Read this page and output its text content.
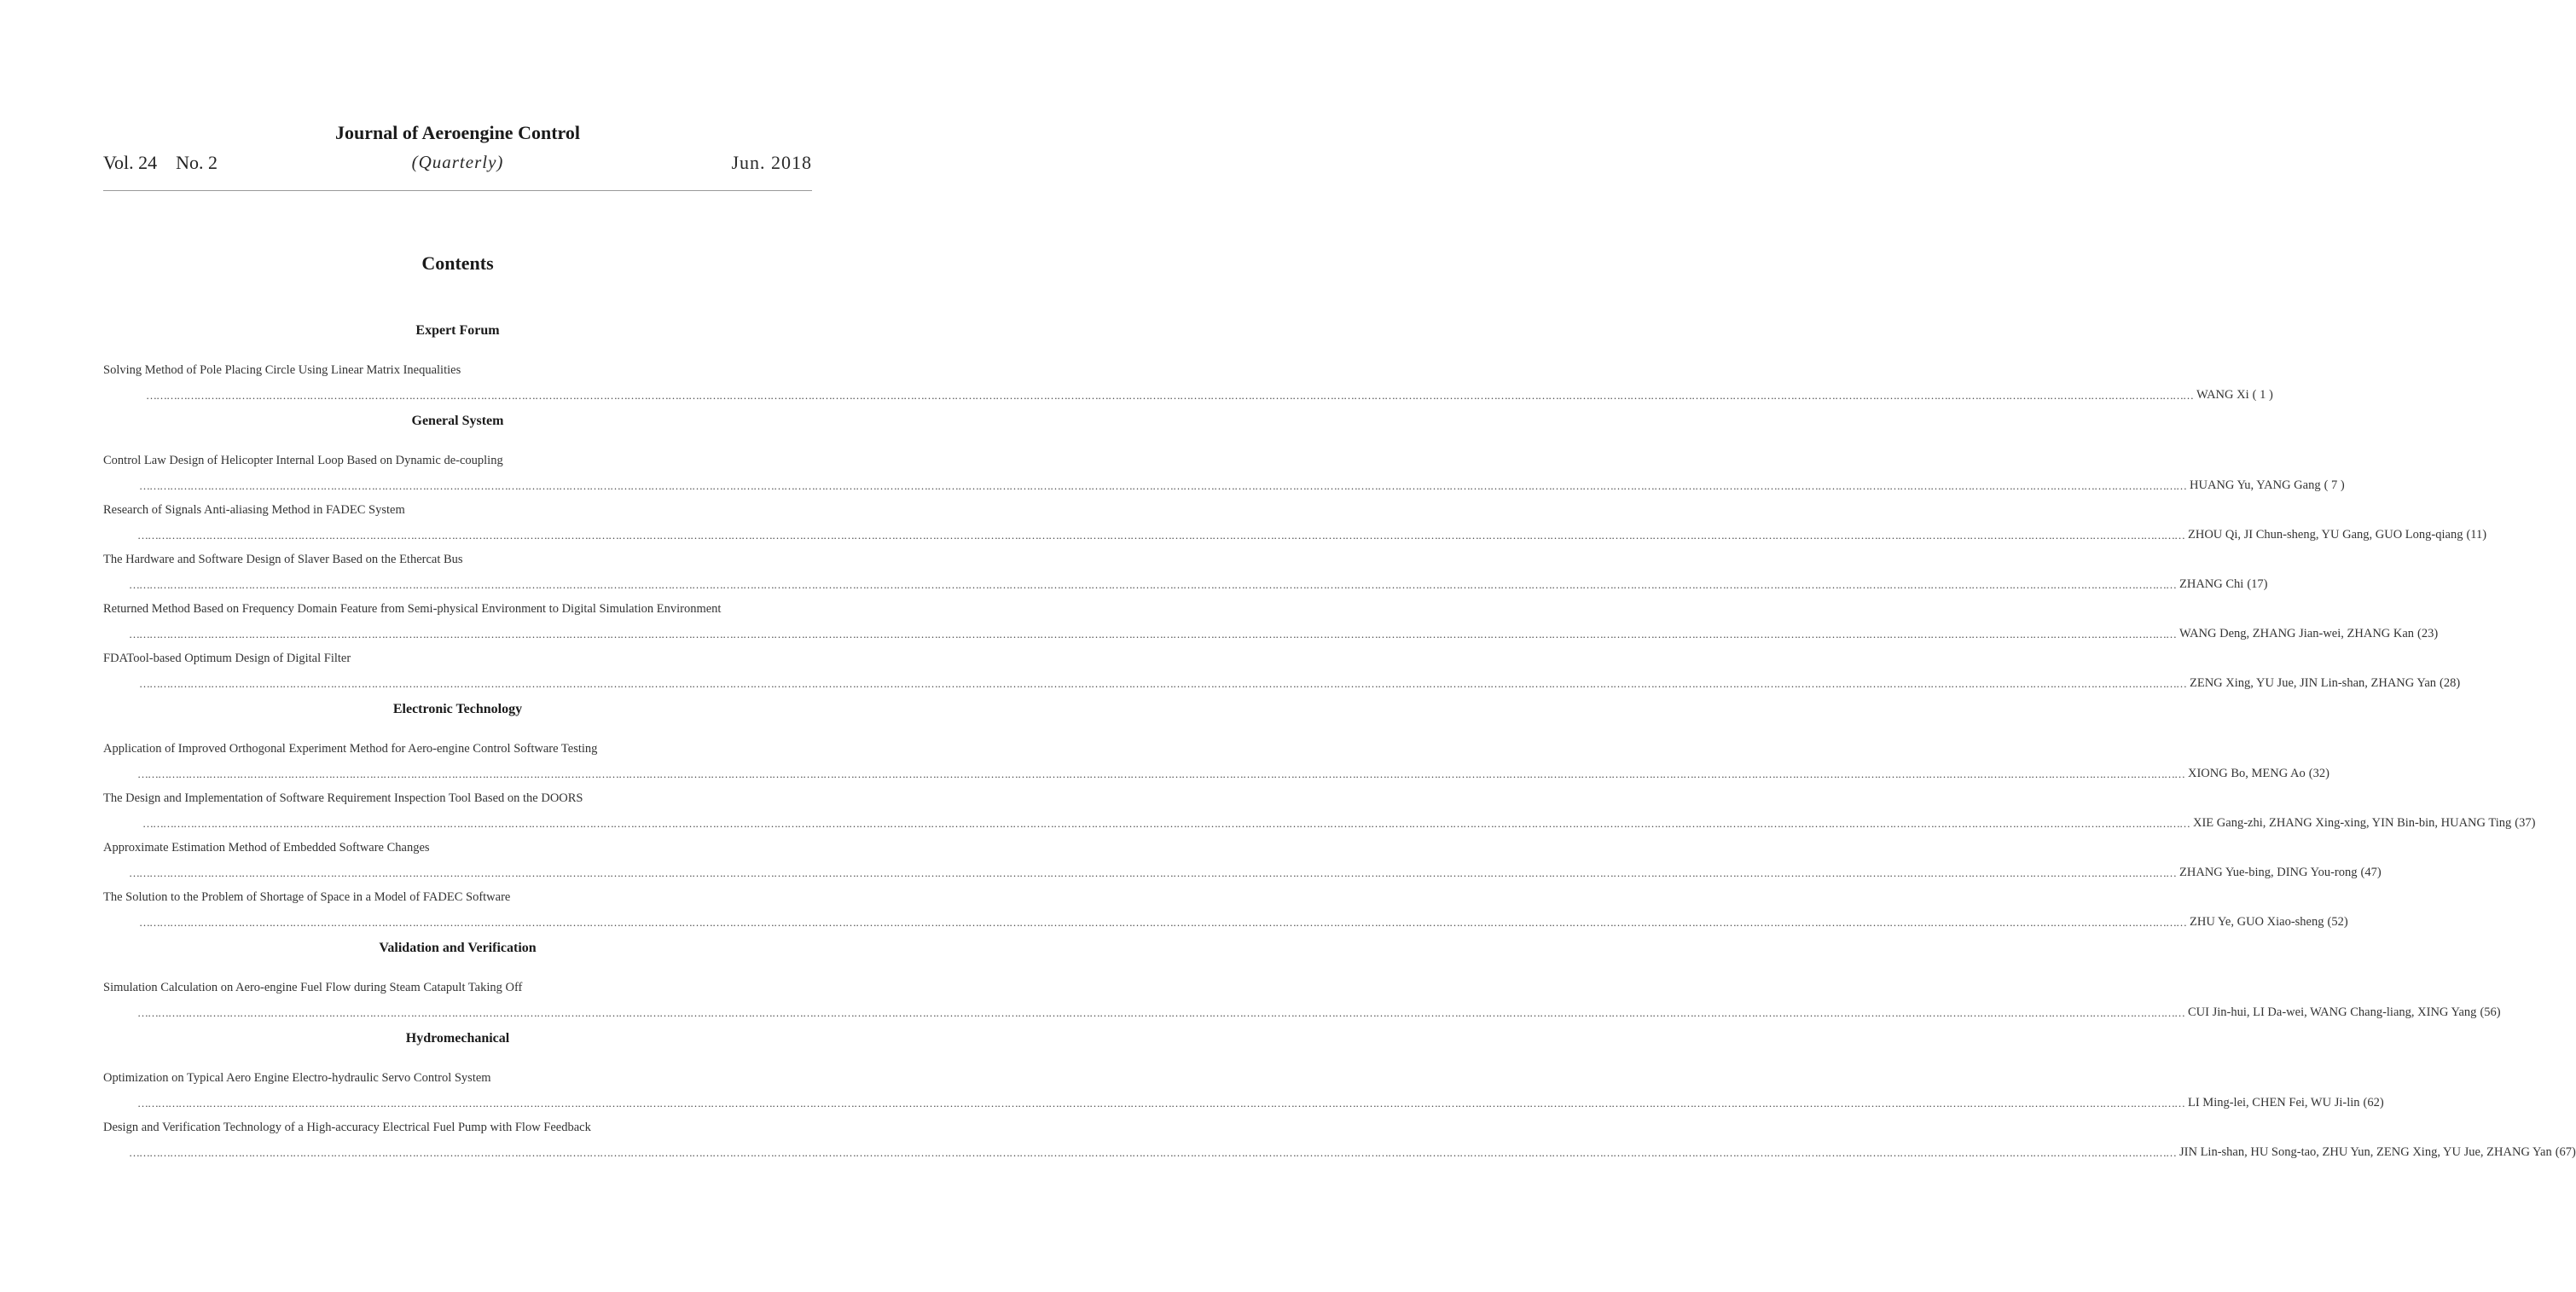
Journal of Aeroengine Control
Vol. 24    No. 2	(Quarterly)	Jun. 2018
Contents
Expert Forum
Solving Method of Pole Placing Circle Using Linear Matrix Inequalities
…………………………………………………………………………………………………………………………………………………………………………………………………………………………………………………………………………………………………………………………………………………………………………………………………………………………………………………………………………………………………………………………………………………… WANG Xi ( 1 )
General System
Control Law Design of Helicopter Internal Loop Based on Dynamic de-coupling
…………………………………………………………………………………………………………………………………………………………………………………………………………………………………………………………………………………………………………………………………………………………………………………………………………………………………………………………………………………………………………………………………………………… HUANG Yu, YANG Gang ( 7 )
Research of Signals Anti-aliasing Method in FADEC System
…………………………………………………………………………………………………………………………………………………………………………………………………………………………………………………………………………………………………………………………………………………………………………………………………………………………………………………………………………………………………………………………………………………… ZHOU Qi, JI Chun-sheng, YU Gang, GUO Long-qiang (11)
The Hardware and Software Design of Slaver Based on the Ethercat Bus
…………………………………………………………………………………………………………………………………………………………………………………………………………………………………………………………………………………………………………………………………………………………………………………………………………………………………………………………………………………………………………………………………………………… ZHANG Chi (17)
Returned Method Based on Frequency Domain Feature from Semi-physical Environment to Digital Simulation Environment
…………………………………………………………………………………………………………………………………………………………………………………………………………………………………………………………………………………………………………………………………………………………………………………………………………………………………………………………………………………………………………………………………………………… WANG Deng, ZHANG Jian-wei, ZHANG Kan (23)
FDATool-based Optimum Design of Digital Filter
…………………………………………………………………………………………………………………………………………………………………………………………………………………………………………………………………………………………………………………………………………………………………………………………………………………………………………………………………………………………………………………………………………………… ZENG Xing, YU Jue, JIN Lin-shan, ZHANG Yan (28)
Electronic Technology
Application of Improved Orthogonal Experiment Method for Aero-engine Control Software Testing
…………………………………………………………………………………………………………………………………………………………………………………………………………………………………………………………………………………………………………………………………………………………………………………………………………………………………………………………………………………………………………………………………………………… XIONG Bo, MENG Ao (32)
The Design and Implementation of Software Requirement Inspection Tool Based on the DOORS
…………………………………………………………………………………………………………………………………………………………………………………………………………………………………………………………………………………………………………………………………………………………………………………………………………………………………………………………………………………………………………………………………………………… XIE Gang-zhi, ZHANG Xing-xing, YIN Bin-bin, HUANG Ting (37)
Approximate Estimation Method of Embedded Software Changes
…………………………………………………………………………………………………………………………………………………………………………………………………………………………………………………………………………………………………………………………………………………………………………………………………………………………………………………………………………………………………………………………………………………… ZHANG Yue-bing, DING You-rong (47)
The Solution to the Problem of Shortage of Space in a Model of FADEC Software
…………………………………………………………………………………………………………………………………………………………………………………………………………………………………………………………………………………………………………………………………………………………………………………………………………………………………………………………………………………………………………………………………………………… ZHU Ye, GUO Xiao-sheng (52)
Validation and Verification
Simulation Calculation on Aero-engine Fuel Flow during Steam Catapult Taking Off
…………………………………………………………………………………………………………………………………………………………………………………………………………………………………………………………………………………………………………………………………………………………………………………………………………………………………………………………………………………………………………………………………………………… CUI Jin-hui, LI Da-wei, WANG Chang-liang, XING Yang (56)
Hydromechanical
Optimization on Typical Aero Engine Electro-hydraulic Servo Control System
…………………………………………………………………………………………………………………………………………………………………………………………………………………………………………………………………………………………………………………………………………………………………………………………………………………………………………………………………………………………………………………………………………………… LI Ming-lei, CHEN Fei, WU Ji-lin (62)
Design and Verification Technology of a High-accuracy Electrical Fuel Pump with Flow Feedback
…………………………………………………………………………………………………………………………………………………………………………………………………………………………………………………………………………………………………………………………………………………………………………………………………………………………………………………………………………………………………………………………………………………… JIN Lin-shan, HU Song-tao, ZHU Yun, ZENG Xing, YU Jue, ZHANG Yan (67)
